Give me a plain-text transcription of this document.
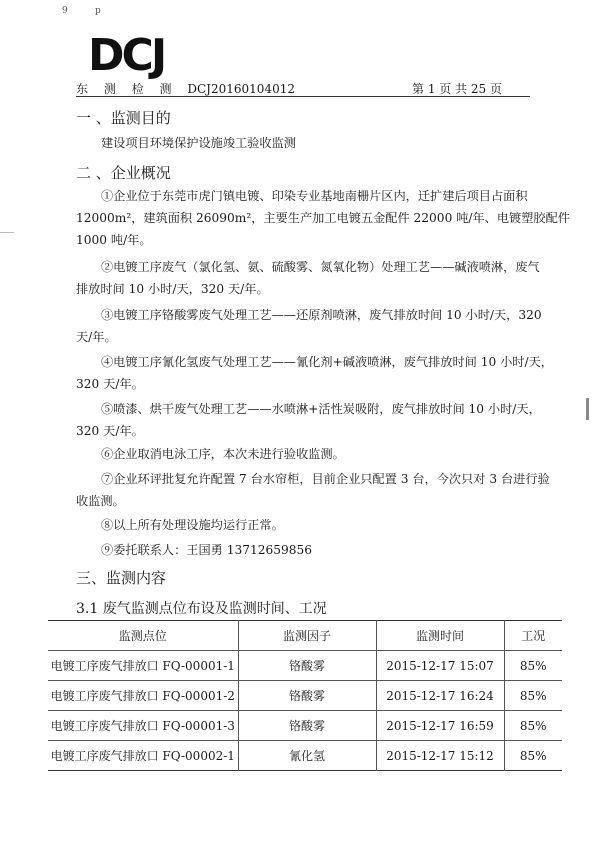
9	p
DCJ
东 测 检 测 DCJ20160104012	第 1 页 共 25 页
一 、监测目的
建设项目环境保护设施竣工验收监测
二 、企业概况
①企业位于东莞市虎门镇电镀、印染专业基地南栅片区内，迁扩建后项目占面积
12000m²，建筑面积 26090m²，主要生产加工电镀五金配件 22000 吨/年、电镀塑胶配件
1000 吨/年。
②电镀工序废气（氯化氢、氨、硫酸雾、氮氧化物）处理工艺——碱液喷淋，废气
排放时间 10 小时/天，320 天/年。
③电镀工序铬酸雾废气处理工艺——还原剂喷淋，废气排放时间 10 小时/天，320
天/年。
④电镀工序氰化氢废气处理工艺——氰化剂+碱液喷淋，废气排放时间 10 小时/天，
320 天/年。
⑤喷漆、烘干废气处理工艺——水喷淋+活性炭吸附，废气排放时间 10 小时/天，
320 天/年。
⑥企业取消电泳工序，本次未进行验收监测。
⑦企业环评批复允许配置 7 台水帘柜，目前企业只配置 3 台，今次只对 3 台进行验
收监测。
⑧以上所有处理设施均运行正常。
⑨委托联系人：王国勇 13712659856
三、监测内容
3.1 废气监测点位布设及监测时间、工况
监测点位	监测因子	监测时间	工况
电镀工序废气排放口 FQ-00001-1	铬酸雾	2015-12-17 15:07	85%
电镀工序废气排放口 FQ-00001-2	铬酸雾	2015-12-17 16:24	85%
电镀工序废气排放口 FQ-00001-3	铬酸雾	2015-12-17 16:59	85%
电镀工序废气排放口 FQ-00002-1	氰化氢	2015-12-17 15:12	85%
